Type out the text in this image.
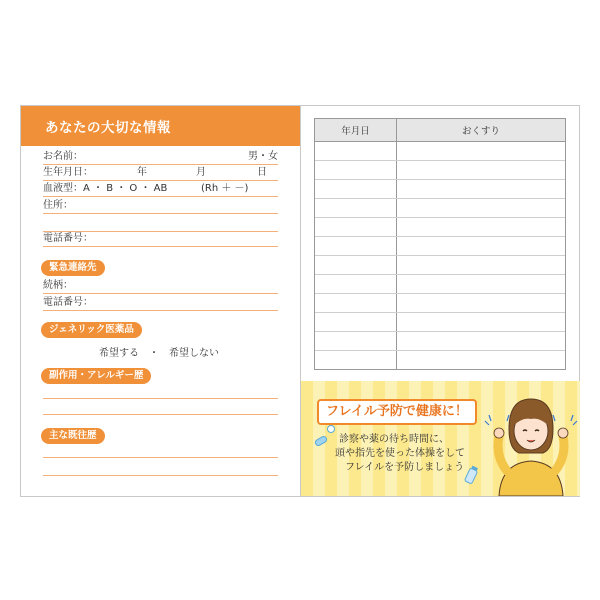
あなたの大切な情報
お名前：	男・女
生年月日：	年	月	日
血液型：A ・ B ・ O ・ AB	(Rh ＋ －)
住所：
電話番号：
緊急連絡先
続柄：
電話番号：
ジェネリック医薬品
希望する　・　希望しない
副作用・アレルギー歴
主な既往歴
年月日	おくすり

フレイル予防で健康に！
診察や薬の待ち時間に、
頭や指先を使った体操をして
フレイルを予防しましょう
